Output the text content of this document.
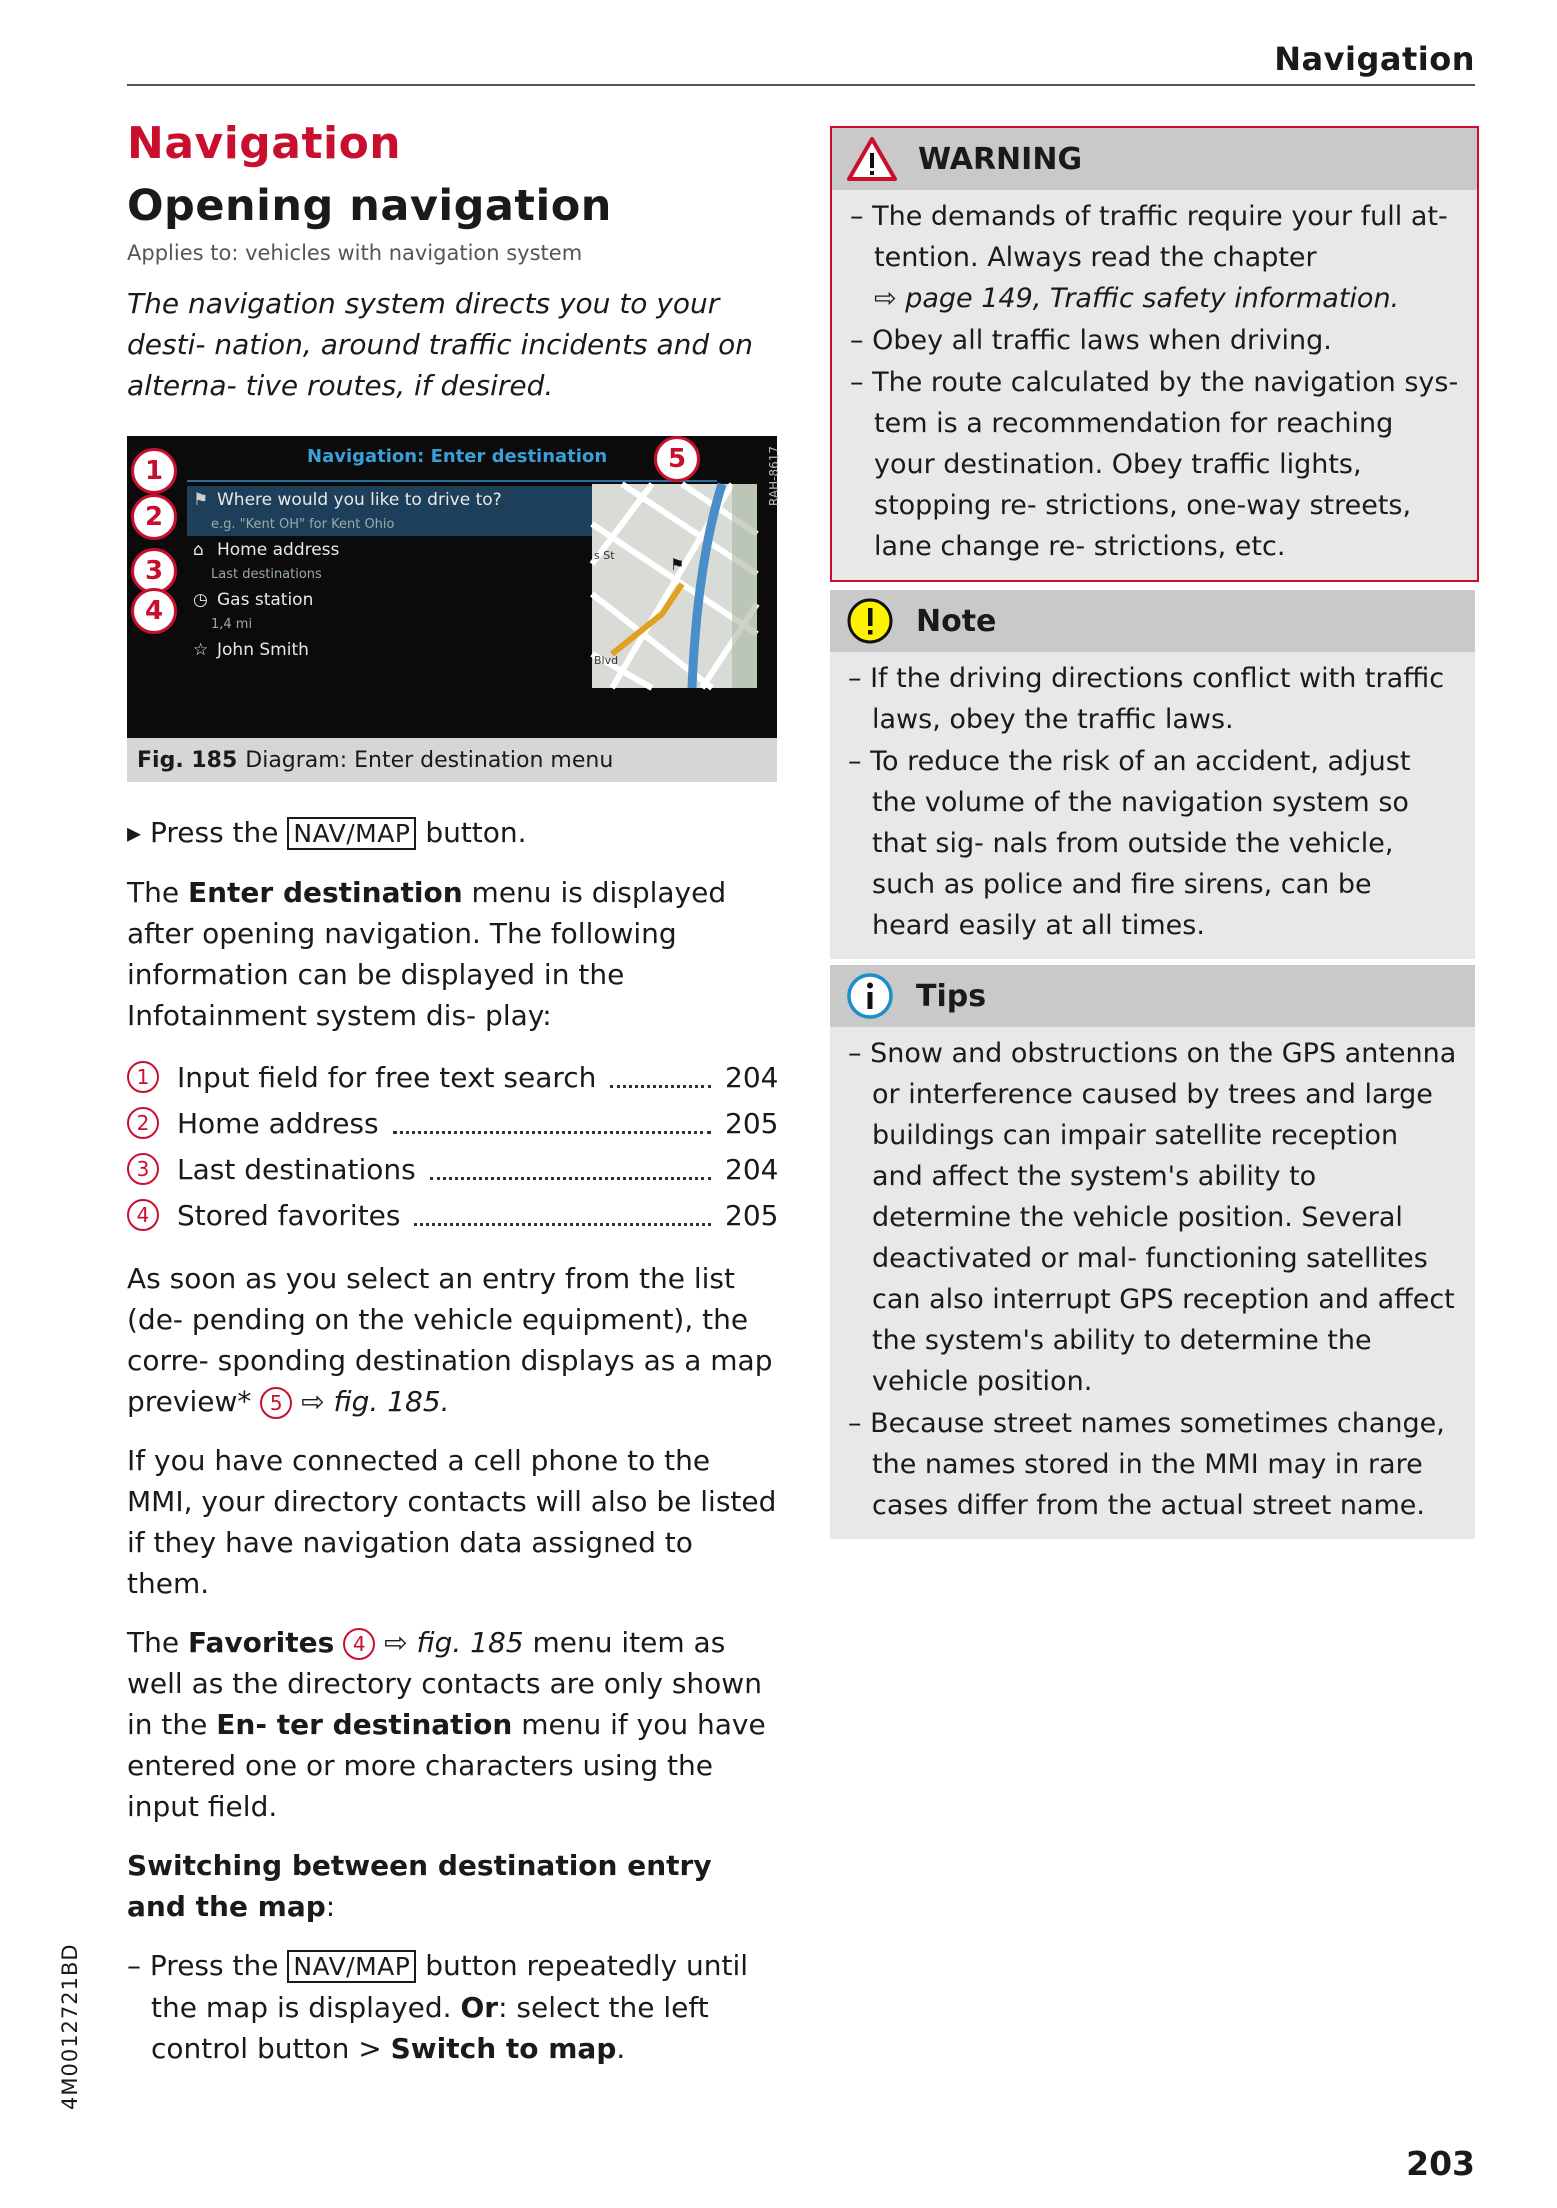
Navigation
Navigation
Opening navigation
Applies to: vehicles with navigation system
The navigation system directs you to your desti- nation, around traffic incidents and on alterna- tive routes, if desired.
Navigation: Enter destination
⚑ Where would you like to drive to?
e.g. "Kent OH" for Kent Ohio
⌂ Home address
Last destinations
◷ Gas station
1,4 mi
☆ John Smith
s St
Blvd
⚑
RAH-8617
1
2
3
4
5
Fig. 185 Diagram: Enter destination menu

▸ Press the NAV/MAP button.

The Enter destination menu is displayed after opening navigation. The following information can be displayed in the Infotainment system dis- play:

1 Input field for free text search	204
2 Home address	205
3 Last destinations	204
4 Stored favorites	205

As soon as you select an entry from the list (de- pending on the vehicle equipment), the corre- sponding destination displays as a map preview* 5 ⇨ fig. 185.

If you have connected a cell phone to the MMI, your directory contacts will also be listed if they have navigation data assigned to them.

The Favorites 4 ⇨ fig. 185 menu item as well as the directory contacts are only shown in the En- ter destination menu if you have entered one or more characters using the input field.

Switching between destination entry and the map:
– Press the NAV/MAP button repeatedly until the map is displayed. Or: select the left control button > Switch to map.
WARNING
– The demands of traffic require your full at- tention. Always read the chapter
⇨ page 149, Traffic safety information.
– Obey all traffic laws when driving.
– The route calculated by the navigation sys- tem is a recommendation for reaching your destination. Obey traffic lights, stopping re- strictions, one-way streets, lane change re- strictions, etc.
Note
– If the driving directions conflict with traffic laws, obey the traffic laws.
– To reduce the risk of an accident, adjust the volume of the navigation system so that sig- nals from outside the vehicle, such as police and fire sirens, can be heard easily at all times.
Tips
– Snow and obstructions on the GPS antenna or interference caused by trees and large buildings can impair satellite reception and affect the system's ability to determine the vehicle position. Several deactivated or mal- functioning satellites can also interrupt GPS reception and affect the system's ability to determine the vehicle position.
– Because street names sometimes change, the names stored in the MMI may in rare cases differ from the actual street name.
203
4M0012721BD
